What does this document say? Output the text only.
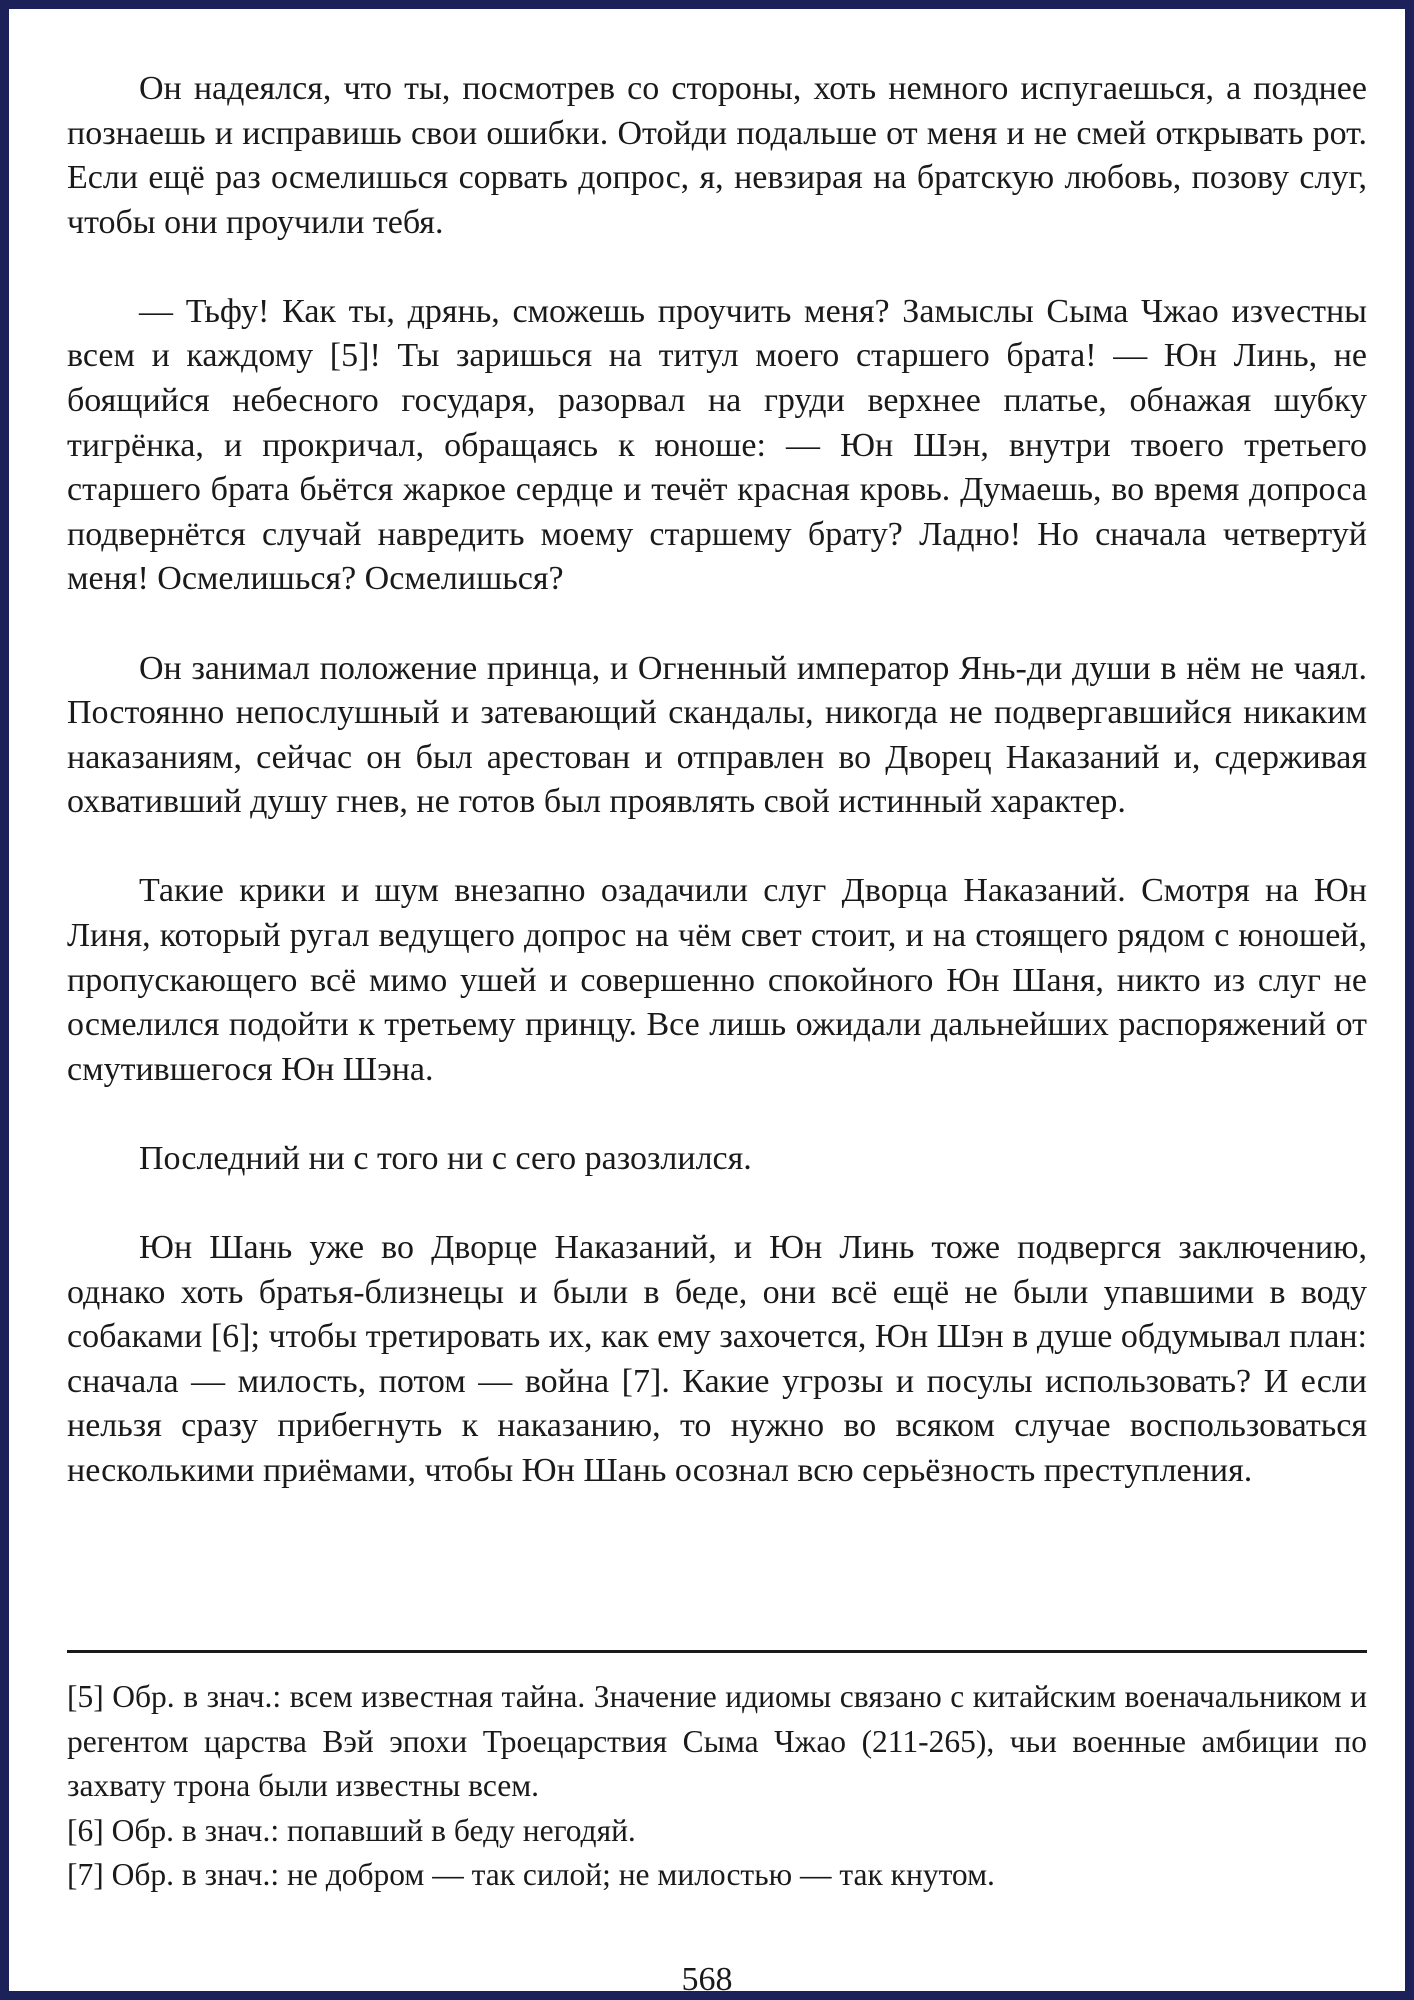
Он надеялся, что ты, посмотрев со стороны, хоть немного испугаешься, а позднее познаешь и исправишь свои ошибки. Отойди подальше от меня и не смей открывать рот. Если ещё раз осмелишься сорвать допрос, я, невзирая на братскую любовь, позову слуг, чтобы они проучили тебя.

— Тьфу! Как ты, дрянь, сможешь проучить меня? Замыслы Сыма Чжао изvестны всем и каждому [5]! Ты заришься на титул моего старшего брата! — Юн Линь, не боящийся небесного государя, разорвал на груди верхнее платье, обнажая шубку тигрёнка, и прокричал, обращаясь к юноше: — Юн Шэн, внутри твоего третьего старшего брата бьётся жаркое сердце и течёт красная кровь. Думаешь, во время допроса подвернётся случай навредить моему старшему брату? Ладно! Но сначала четвертуй меня! Осмелишься? Осмелишься?

Он занимал положение принца, и Огненный император Янь-ди души в нём не чаял. Постоянно непослушный и затевающий скандалы, никогда не подвергавшийся никаким наказаниям, сейчас он был арестован и отправлен во Дворец Наказаний и, сдерживая охвативший душу гнев, не готов был проявлять свой истинный характер.

Такие крики и шум внезапно озадачили слуг Дворца Наказаний. Смотря на Юн Линя, который ругал ведущего допрос на чём свет стоит, и на стоящего рядом с юношей, пропускающего всё мимо ушей и совершенно спокойного Юн Шаня, никто из слуг не осмелился подойти к третьему принцу. Все лишь ожидали дальнейших распоряжений от смутившегося Юн Шэна.

Последний ни с того ни с сего разозлился.

Юн Шань уже во Дворце Наказаний, и Юн Линь тоже подвергся заключению, однако хоть братья-близнецы и были в беде, они всё ещё не были упавшими в воду собаками [6]; чтобы третировать их, как ему захочется, Юн Шэн в душе обдумывал план: сначала — милость, потом — война [7]. Какие угрозы и посулы использовать? И если нельзя сразу прибегнуть к наказанию, то нужно во всяком случае воспользоваться несколькими приёмами, чтобы Юн Шань осознал всю серьёзность преступления.

[5] Обр. в знач.: всем известная тайна. Значение идиомы связано с китайским военачальником и регентом царства Вэй эпохи Троецарствия Сыма Чжао (211-265), чьи военные амбиции по захвату трона были известны всем.

[6] Обр. в знач.: попавший в беду негодяй.

[7] Обр. в знач.: не добром — так силой; не милостью — так кнутом.

568
